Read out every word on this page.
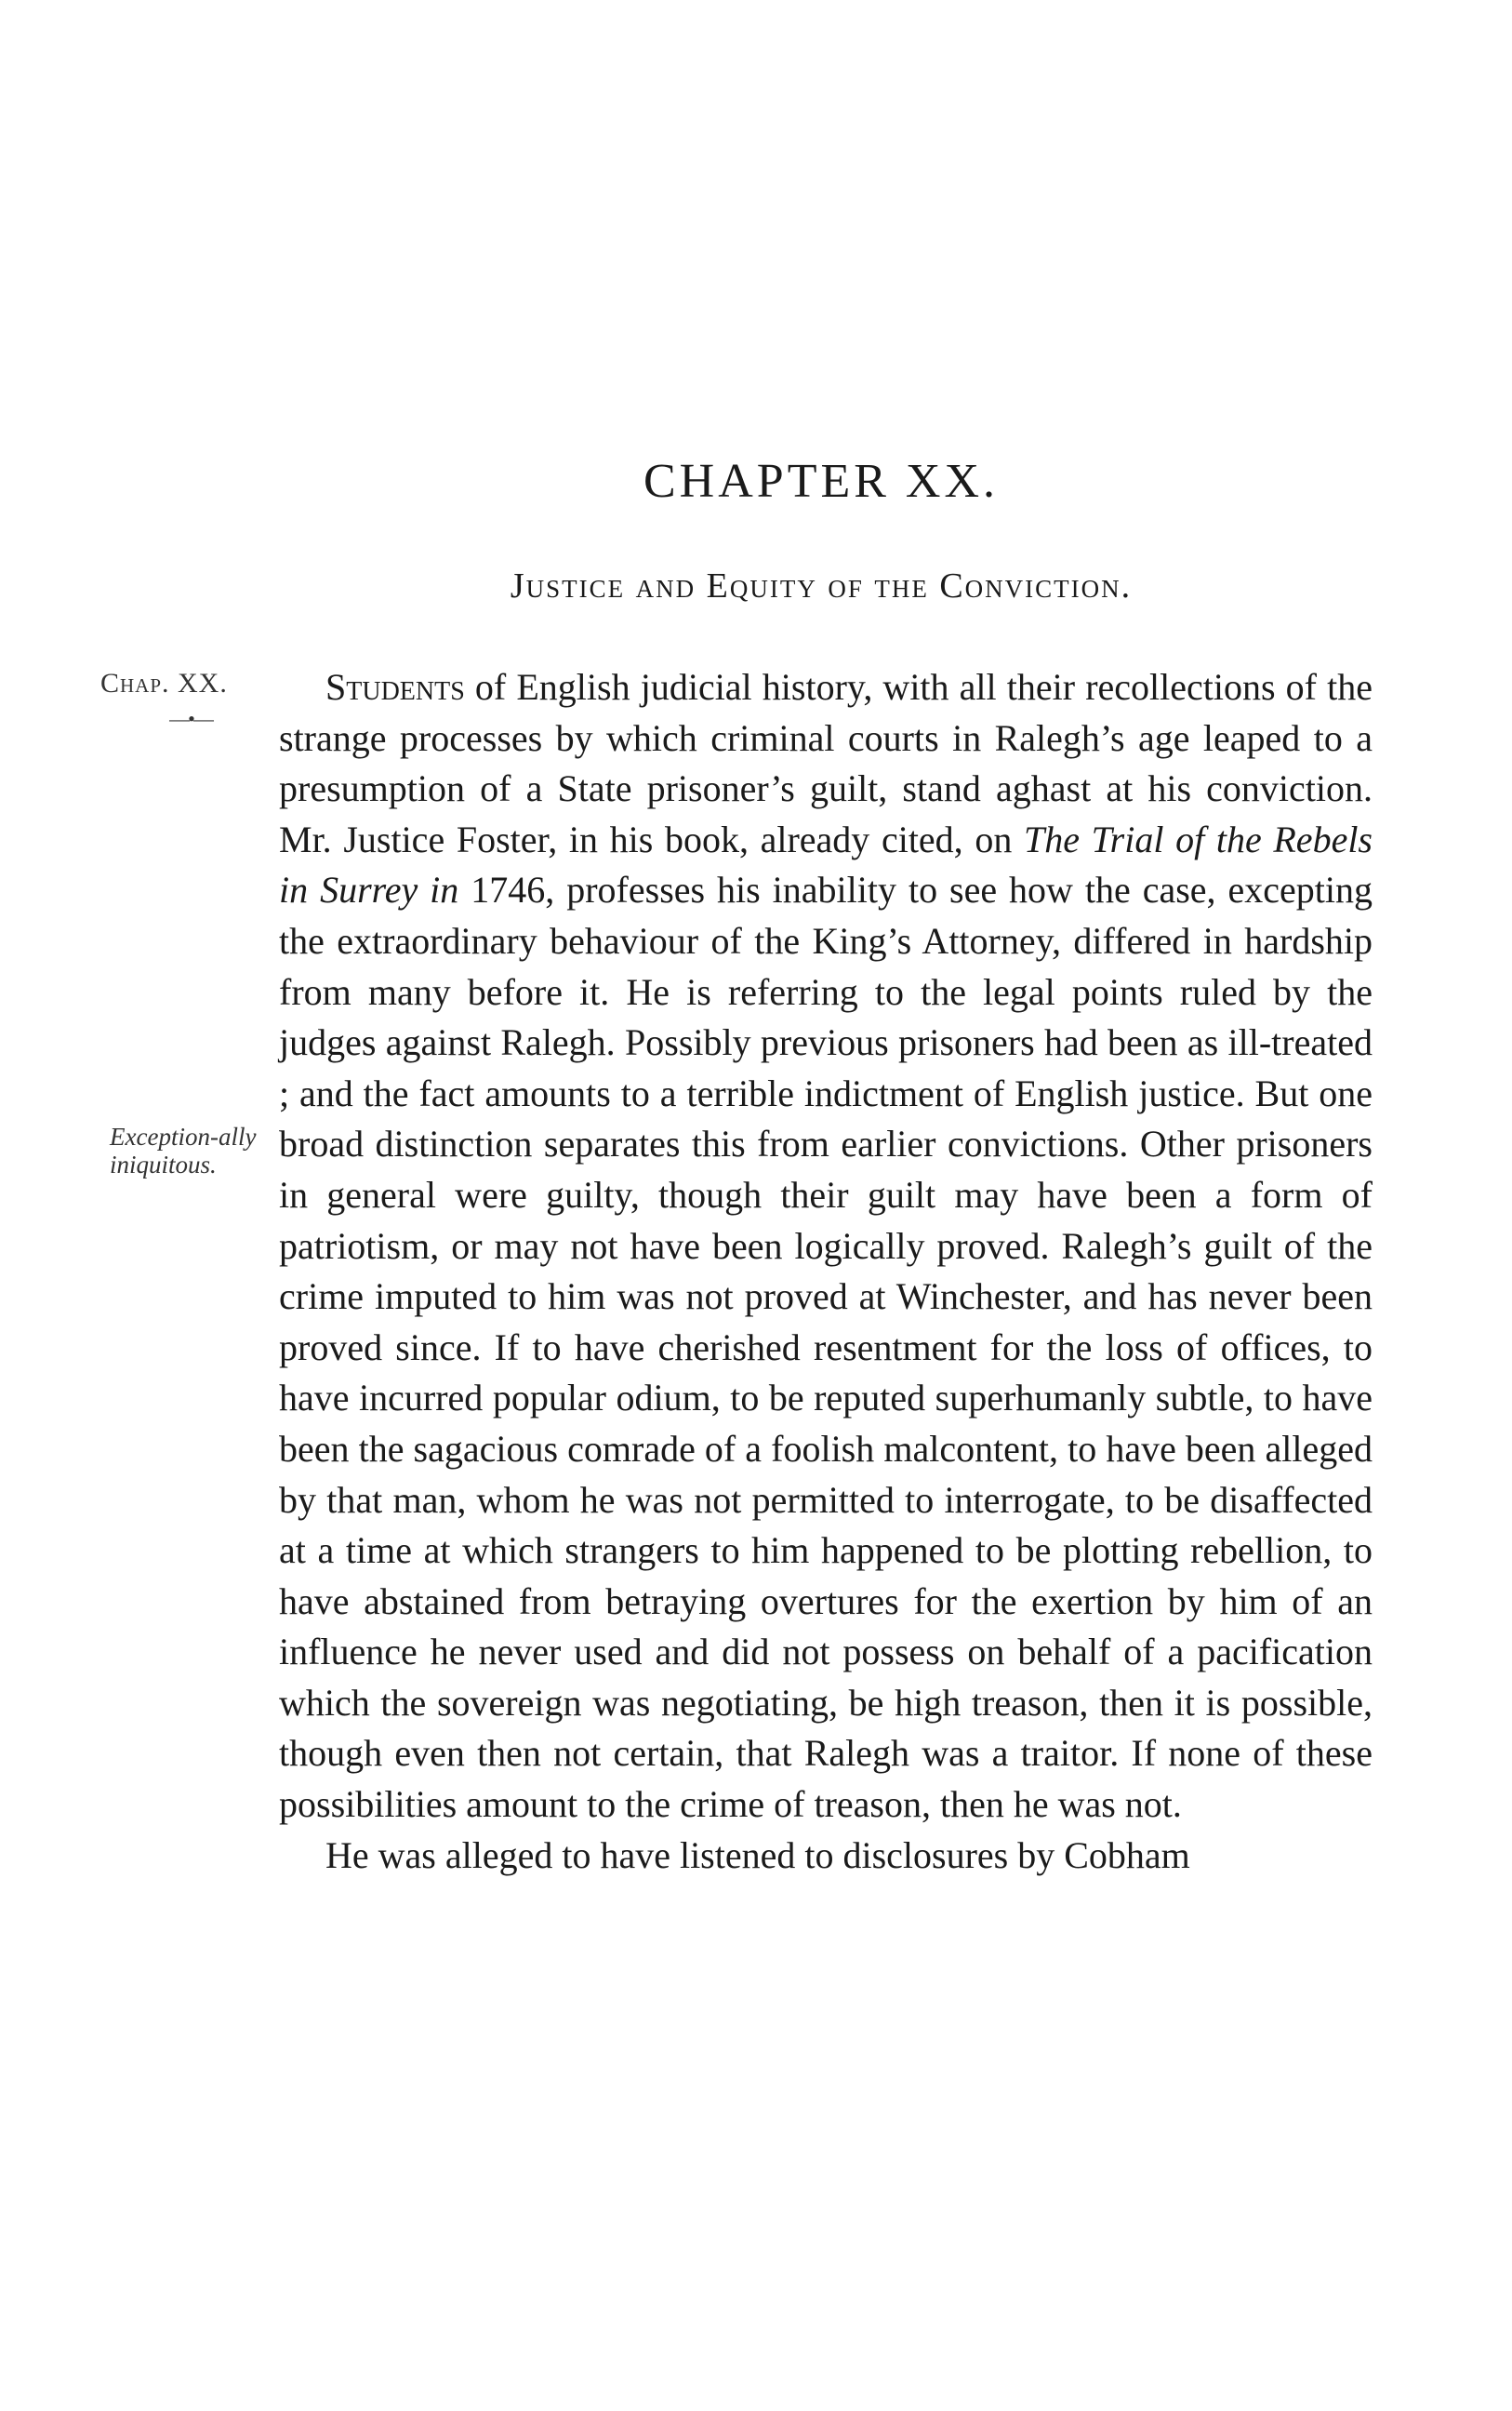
CHAPTER XX.
Justice and Equity of the Conviction.
Chap. XX.
—•—
Exception-ally iniquitous.

Students of English judicial history, with all their recollections of the strange processes by which criminal courts in Ralegh’s age leaped to a presumption of a State prisoner’s guilt, stand aghast at his conviction. Mr. Justice Foster, in his book, already cited, on The Trial of the Rebels in Surrey in 1746, professes his inability to see how the case, excepting the extraordinary behaviour of the King’s Attorney, differed in hardship from many before it. He is referring to the legal points ruled by the judges against Ralegh. Possibly previous prisoners had been as ill-treated ; and the fact amounts to a terrible indictment of English justice. But one broad distinction separates this from earlier convictions. Other prisoners in general were guilty, though their guilt may have been a form of patriotism, or may not have been logically proved. Ralegh’s guilt of the crime imputed to him was not proved at Winchester, and has never been proved since. If to have cherished resentment for the loss of offices, to have incurred popular odium, to be reputed superhumanly subtle, to have been the sagacious comrade of a foolish malcontent, to have been alleged by that man, whom he was not permitted to interrogate, to be disaffected at a time at which strangers to him happened to be plotting rebellion, to have abstained from betraying overtures for the exertion by him of an influence he never used and did not possess on behalf of a pacification which the sovereign was negotiating, be high treason, then it is possible, though even then not certain, that Ralegh was a traitor. If none of these possibilities amount to the crime of treason, then he was not.

He was alleged to have listened to disclosures by Cobham
